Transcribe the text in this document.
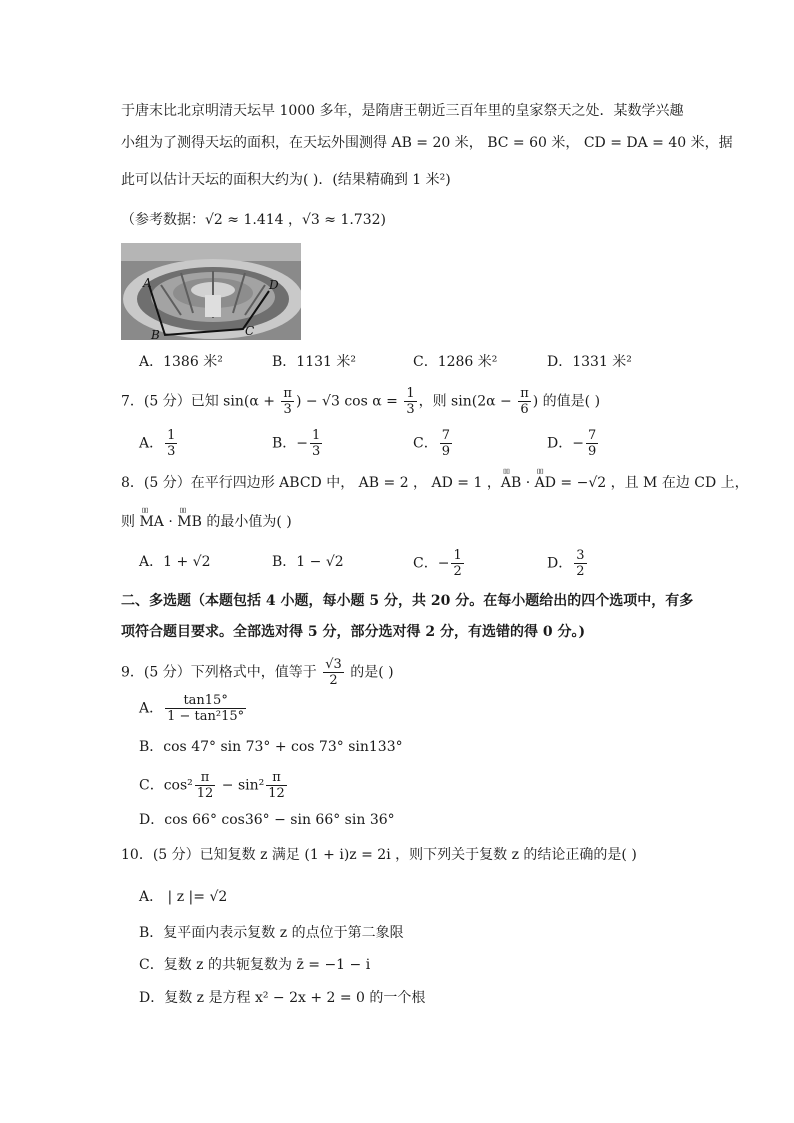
于唐末比北京明清天坛早 1000 多年，是隋唐王朝近三百年里的皇家祭天之处．某数学兴趣
小组为了测得天坛的面积，在天坛外围测得 AB = 20 米， BC = 60 米， CD = DA = 40 米，据
此可以估计天坛的面积大约为( )．(结果精确到 1 米²)
（参考数据：√2 ≈ 1.414 ，√3 ≈ 1.732)
A
B	C
D
A．1386 米²	B．1131 米²	C．1286 米²	D．1331 米²
7．(5 分）已知 $\sin(\alpha + \frac{\pi}{3}$ ) − √3 $\cos \alpha = \frac{1}{3}$ ，则 $\sin(2\alpha - \frac{\pi}{6}$ ) 的值是( )
A． $\frac{1}{3}$	B．− $\frac{1}{3}$	C． $\frac{7}{9}$	D．− $\frac{7}{9}$
8．(5 分）在平行四边形 ABCD 中， AB = 2 ， AD = 1 ，⌷⌷ AB · ⌷⌷ AD = −√2 ，且 M 在边 CD 上，
则 ⌷⌷ MA · ⌷⌷ MB 的最小值为( )
A．1 + √2	B．1 − √2	C．− $\frac{1}{2}$	D． $\frac{3}{2}$
二、多选题（本题包括 4 小题，每小题 5 分，共 20 分。在每小题给出的四个选项中，有多
项符合题目要求。全部选对得 5 分，部分选对得 2 分，有选错的得 0 分。)
9．(5 分）下列格式中，值等于 $\frac{√3}{2}$ 的是( )
A． $\frac{\tan 15^\circ}{\text{1 − tan²15°}}$
B．cos 47° sin 73° + cos 73° sin133°
C．$\cos^2 \frac{\pi}{12} - \sin^2 \frac{\pi}{12}$
D．cos 66° cos36° − sin 66° sin 36°
10．(5 分）已知复数 z 满足 (1 + i)z = 2i ，则下列关于复数 z 的结论正确的是( )
A． | z |= √2
B．复平面内表示复数 z 的点位于第二象限
C．复数 z 的共轭复数为 z̄ = −1 − i
D．复数 z 是方程 x² − 2x + 2 = 0 的一个根
